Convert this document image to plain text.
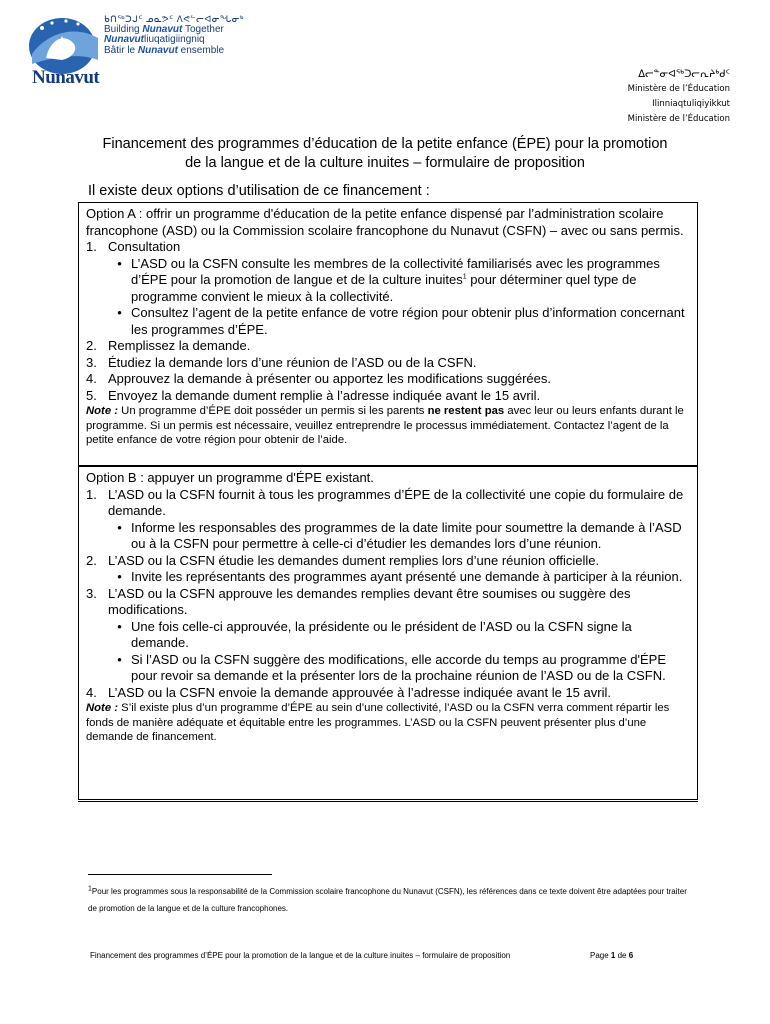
ᑲᑎᖅᑐᒍᑦ ᓄᓇᕗᑦ ᐱᕙᓪᓕᐊᓂᖓᓂᒃ
Building Nunavut Together
Nunavutliuqatigiingniq
Bâtir le Nunavut ensemble
Nunavut	ᐃᓕᓐᓂᐊᖅᑐᓕᕆᔨᒃᑯᑦ
Ministère de l’Éducation
Ilinniaqtuliqiyikkut
Ministère de l’Éducation
Financement des programmes d’éducation de la petite enfance (ÉPE) pour la promotion
de la langue et de la culture inuites – formulaire de proposition
Il existe deux options d’utilisation de ce financement :

Option A : offrir un programme d'éducation de la petite enfance dispensé par l’administration scolaire francophone (ASD) ou la Commission scolaire francophone du Nunavut (CSFN) – avec ou sans permis.

1. Consultation
• L’ASD ou la CSFN consulte les membres de la collectivité familiarisés avec les programmes d’ÉPE pour la promotion de langue et de la culture inuites$^1$ pour déterminer quel type de programme convient le mieux à la collectivité.
• Consultez l’agent de la petite enfance de votre région pour obtenir plus d’information concernant les programmes d’ÉPE.
2. Remplissez la demande.
3. Étudiez la demande lors d’une réunion de l’ASD ou de la CSFN.
4. Approuvez la demande à présenter ou apportez les modifications suggérées.
5. Envoyez la demande dument remplie à l’adresse indiquée avant le 15 avril.

Note : Un programme d’ÉPE doit posséder un permis si les parents ne restent pas avec leur ou leurs enfants durant le programme. Si un permis est nécessaire, veuillez entreprendre le processus immédiatement. Contactez l’agent de la petite enfance de votre région pour obtenir de l’aide.

Option B : appuyer un programme d'ÉPE existant.

1. L’ASD ou la CSFN fournit à tous les programmes d’ÉPE de la collectivité une copie du formulaire de demande.
• Informe les responsables des programmes de la date limite pour soumettre la demande à l’ASD ou à la CSFN pour permettre à celle-ci d’étudier les demandes lors d’une réunion.
2. L’ASD ou la CSFN étudie les demandes dument remplies lors d’une réunion officielle.
• Invite les représentants des programmes ayant présenté une demande à participer à la réunion.
3. L’ASD ou la CSFN approuve les demandes remplies devant être soumises ou suggère des modifications.
• Une fois celle-ci approuvée, la présidente ou le président de l’ASD ou la CSFN signe la demande.
• Si l’ASD ou la CSFN suggère des modifications, elle accorde du temps au programme d'ÉPE pour revoir sa demande et la présenter lors de la prochaine réunion de l’ASD ou de la CSFN.
4. L’ASD ou la CSFN envoie la demande approuvée à l’adresse indiquée avant le 15 avril.

Note : S’il existe plus d’un programme d’ÉPE au sein d’une collectivité, l’ASD ou la CSFN verra comment répartir les fonds de manière adéquate et équitable entre les programmes. L’ASD ou la CSFN peuvent présenter plus d’une demande de financement.

$^1$Pour les programmes sous la responsabilité de la Commission scolaire francophone du Nunavut (CSFN), les références dans ce texte doivent être adaptées pour traiter de promotion de la langue et de la culture francophones.
Financement des programmes d’ÉPE pour la promotion de la langue et de la culture inuites – formulaire de proposition	Page 1 de 6
